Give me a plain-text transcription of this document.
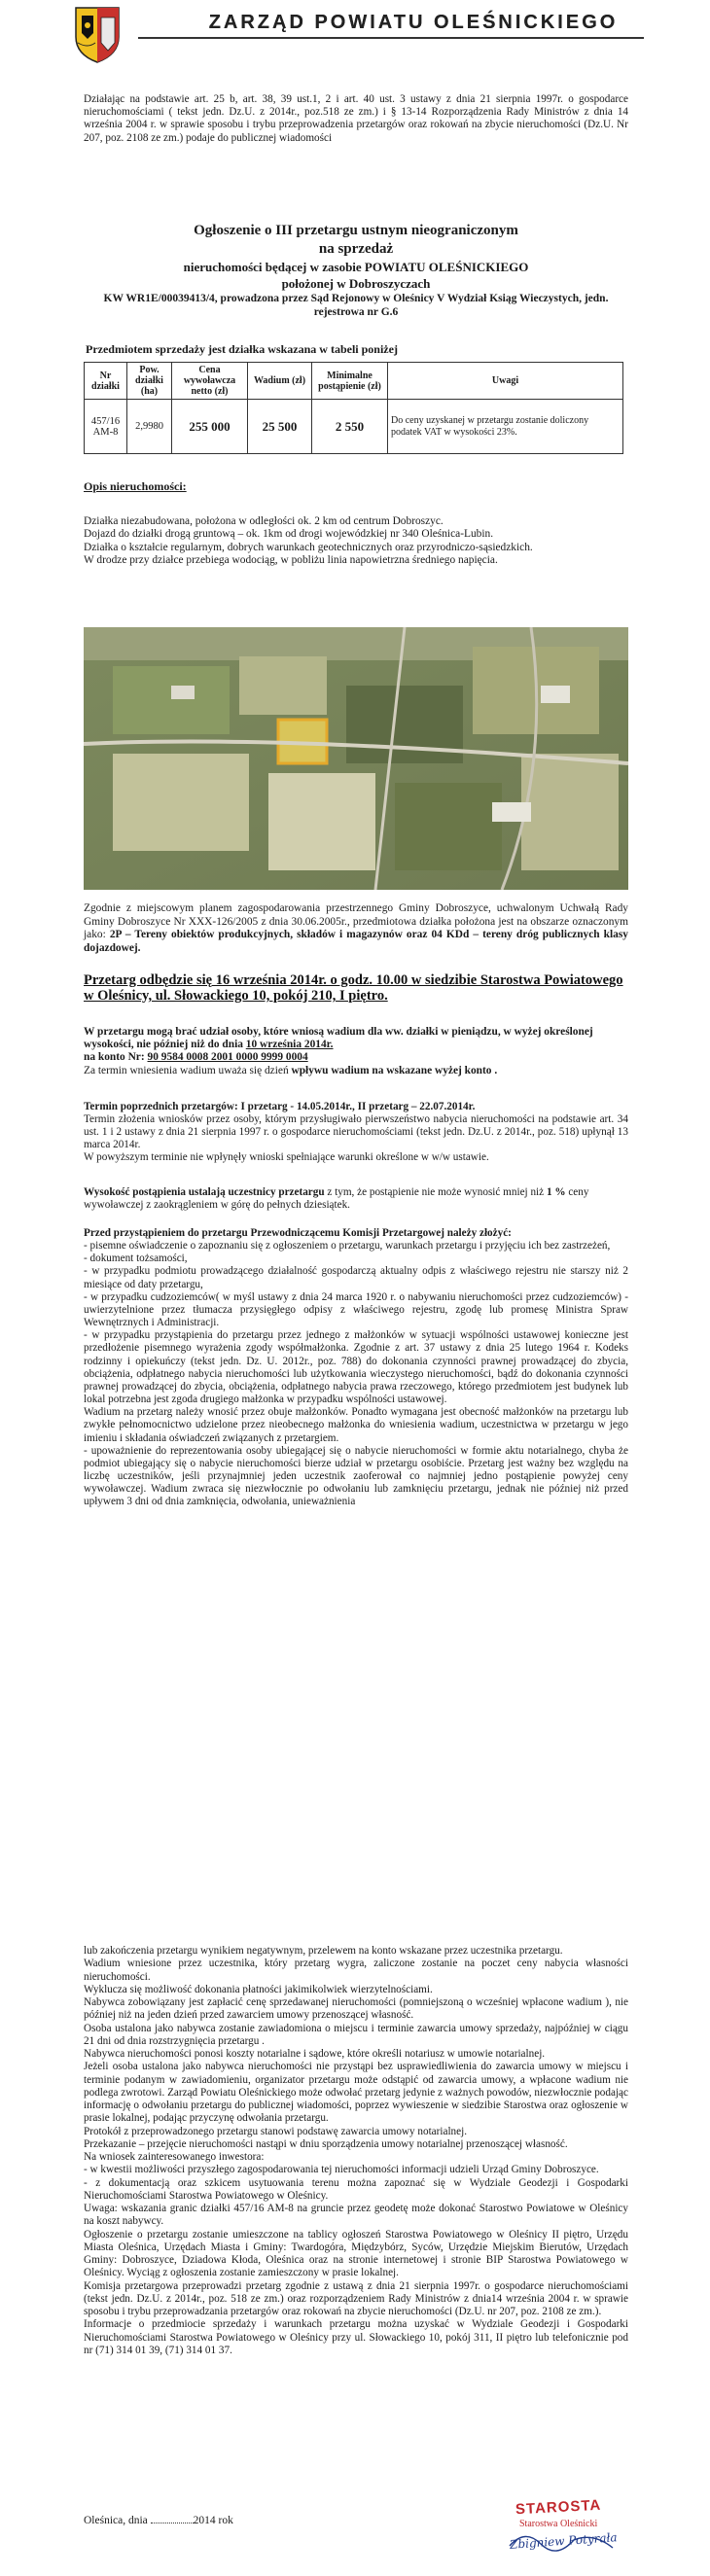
ZARZĄD POWIATU OLEŚNICKIEGO
Działając na podstawie art. 25 b, art. 38, 39 ust.1, 2 i art. 40 ust. 3 ustawy z dnia 21 sierpnia 1997r. o gospodarce nieruchomościami ( tekst jedn. Dz.U. z 2014r., poz.518 ze zm.) i § 13-14 Rozporządzenia Rady Ministrów z dnia 14 września 2004 r. w sprawie sposobu i trybu przeprowadzenia przetargów oraz rokowań na zbycie nieruchomości (Dz.U. Nr 207, poz. 2108 ze zm.) podaje do publicznej wiadomości
Ogłoszenie o III przetargu ustnym nieograniczonym
na sprzedaż
nieruchomości będącej w zasobie POWIATU OLEŚNICKIEGO
położonej w Dobroszyczach
KW WR1E/00039413/4, prowadzona przez Sąd Rejonowy w Oleśnicy V Wydział Ksiąg Wieczystych, jedn. rejestrowa nr G.6
Przedmiotem sprzedaży jest działka wskazana w tabeli poniżej
Nr działki	Pow. działki (ha)	Cena wywoławcza netto (zł)	Wadium (zł)	Minimalne postąpienie (zł)	Uwagi
457/16 AM-8	2,9980	255 000	25 500	2 550	Do ceny uzyskanej w przetargu zostanie doliczony podatek VAT w wysokości 23%.
Opis nieruchomości:
Działka niezabudowana, położona w odległości ok. 2 km od centrum Dobroszyc.
Dojazd do działki drogą gruntową – ok. 1km od drogi wojewódzkiej nr 340 Oleśnica-Lubin.
Działka o kształcie regularnym, dobrych warunkach geotechnicznych oraz przyrodniczo-sąsiedzkich.
W drodze przy działce przebiega wodociąg, w pobliżu linia napowietrzna średniego napięcia.
Zgodnie z miejscowym planem zagospodarowania przestrzennego Gminy Dobroszyce, uchwalonym Uchwałą Rady Gminy Dobroszyce Nr XXX-126/2005 z dnia 30.06.2005r., przedmiotowa działka położona jest na obszarze oznaczonym jako: 2P – Tereny obiektów produkcyjnych, składów i magazynów oraz 04 KDd – tereny dróg publicznych klasy dojazdowej.
Przetarg odbędzie się 16 września 2014r. o godz. 10.00 w siedzibie Starostwa Powiatowego w Oleśnicy, ul. Słowackiego 10, pokój 210, I piętro.
W przetargu mogą brać udział osoby, które wniosą wadium dla ww. działki w pieniądzu, w wyżej określonej wysokości, nie później niż do dnia 10 września 2014r.
na konto Nr: 90 9584 0008 2001 0000 9999 0004
Za termin wniesienia wadium uważa się dzień wpływu wadium na wskazane wyżej konto .
Termin poprzednich przetargów: I przetarg - 14.05.2014r., II przetarg – 22.07.2014r.
Termin złożenia wniosków przez osoby, którym przysługiwało pierwszeństwo nabycia nieruchomości na podstawie art. 34 ust. 1 i 2 ustawy z dnia 21 sierpnia 1997 r. o gospodarce nieruchomościami (tekst jedn. Dz.U. z 2014r., poz. 518) upłynął 13 marca 2014r.
W powyższym terminie nie wpłynęły wnioski spełniające warunki określone w w/w ustawie.
Wysokość postąpienia ustalają uczestnicy przetargu z tym, że postąpienie nie może wynosić mniej niż 1 % ceny wywoławczej z zaokrągleniem w górę do pełnych dziesiątek.
Przed przystąpieniem do przetargu Przewodniczącemu Komisji Przetargowej należy złożyć:
- pisemne oświadczenie o zapoznaniu się z ogłoszeniem o przetargu, warunkach przetargu i przyjęciu ich bez zastrzeżeń,
- dokument tożsamości,
- w przypadku podmiotu prowadzącego działalność gospodarczą aktualny odpis z właściwego rejestru nie starszy niż 2 miesiące od daty przetargu,
- w przypadku cudzoziemców( w myśl ustawy z dnia 24 marca 1920 r. o nabywaniu nieruchomości przez cudzoziemców) - uwierzytelnione przez tłumacza przysięgłego odpisy z właściwego rejestru, zgodę lub promesę Ministra Spraw Wewnętrznych i Administracji.
- w przypadku przystąpienia do przetargu przez jednego z małżonków w sytuacji wspólności ustawowej konieczne jest przedłożenie pisemnego wyrażenia zgody współmałżonka. Zgodnie z art. 37 ustawy z dnia 25 lutego 1964 r. Kodeks rodzinny i opiekuńczy (tekst jedn. Dz. U. 2012r., poz. 788) do dokonania czynności prawnej prowadzącej do zbycia, obciążenia, odpłatnego nabycia nieruchomości lub użytkowania wieczystego nieruchomości, bądź do dokonania czynności prawnej prowadzącej do zbycia, obciążenia, odpłatnego nabycia prawa rzeczowego, którego przedmiotem jest budynek lub lokal potrzebna jest zgoda drugiego małżonka w przypadku wspólności ustawowej.
Wadium na przetarg należy wnosić przez obuje małżonków. Ponadto wymagana jest obecność małżonków na przetargu lub zwykłe pełnomocnictwo udzielone przez nieobecnego małżonka do wniesienia wadium, uczestnictwa w przetargu w jego imieniu i składania oświadczeń związanych z przetargiem.
- upoważnienie do reprezentowania osoby ubiegającej się o nabycie nieruchomości w formie aktu notarialnego, chyba że podmiot ubiegający się o nabycie nieruchomości bierze udział w przetargu osobiście. Przetarg jest ważny bez względu na liczbę uczestników, jeśli przynajmniej jeden uczestnik zaoferował co najmniej jedno postąpienie powyżej ceny wywoławczej. Wadium zwraca się niezwłocznie po odwołaniu lub zamknięciu przetargu, jednak nie później niż przed upływem 3 dni od dnia zamknięcia, odwołania, unieważnienia
lub zakończenia przetargu wynikiem negatywnym, przelewem na konto wskazane przez uczestnika przetargu.
Wadium wniesione przez uczestnika, który przetarg wygra, zaliczone zostanie na poczet ceny nabycia własności nieruchomości.
Wyklucza się możliwość dokonania płatności jakimikolwiek wierzytelnościami.
Nabywca zobowiązany jest zapłacić cenę sprzedawanej nieruchomości (pomniejszoną o wcześniej wpłacone wadium ), nie później niż na jeden dzień przed zawarciem umowy przenoszącej własność.
Osoba ustalona jako nabywca zostanie zawiadomiona o miejscu i terminie zawarcia umowy sprzedaży, najpóźniej w ciągu 21 dni od dnia rozstrzygnięcia przetargu .
Nabywca nieruchomości ponosi koszty notarialne i sądowe, które określi notariusz w umowie notarialnej.
Jeżeli osoba ustalona jako nabywca nieruchomości nie przystąpi bez usprawiedliwienia do zawarcia umowy w miejscu i terminie podanym w zawiadomieniu, organizator przetargu może odstąpić od zawarcia umowy, a wpłacone wadium nie podlega zwrotowi. Zarząd Powiatu Oleśnickiego może odwołać przetarg jedynie z ważnych powodów, niezwłocznie podając informację o odwołaniu przetargu do publicznej wiadomości, poprzez wywieszenie w siedzibie Starostwa oraz ogłoszenie w prasie lokalnej, podając przyczynę odwołania przetargu.
Protokół z przeprowadzonego przetargu stanowi podstawę zawarcia umowy notarialnej.
Przekazanie – przejęcie nieruchomości nastąpi w dniu sporządzenia umowy notarialnej przenoszącej własność.
Na wniosek zainteresowanego inwestora:
- w kwestii możliwości przyszłego zagospodarowania tej nieruchomości informacji udzieli Urząd Gminy Dobroszyce.
- z dokumentacją oraz szkicem usytuowania terenu można zapoznać się w Wydziale Geodezji i Gospodarki Nieruchomościami Starostwa Powiatowego w Oleśnicy.
Uwaga: wskazania granic działki 457/16 AM-8 na gruncie przez geodetę może dokonać Starostwo Powiatowe w Oleśnicy na koszt nabywcy.
Ogłoszenie o przetargu zostanie umieszczone na tablicy ogłoszeń Starostwa Powiatowego w Oleśnicy II piętro, Urzędu Miasta Oleśnica, Urzędach Miasta i Gminy: Twardogóra, Międzybórz, Syców, Urzędzie Miejskim Bierutów, Urzędach Gminy: Dobroszyce, Dziadowa Kłoda, Oleśnica oraz na stronie internetowej i stronie BIP Starostwa Powiatowego w Oleśnicy. Wyciąg z ogłoszenia zostanie zamieszczony w prasie lokalnej.
Komisja przetargowa przeprowadzi przetarg zgodnie z ustawą z dnia 21 sierpnia 1997r. o gospodarce nieruchomościami (tekst jedn. Dz.U. z 2014r., poz. 518 ze zm.) oraz rozporządzeniem Rady Ministrów z dnia14 września 2004 r. w sprawie sposobu i trybu przeprowadzania przetargów oraz rokowań na zbycie nieruchomości (Dz.U. nr 207, poz. 2108 ze zm.).
Informacje o przedmiocie sprzedaży i warunkach przetargu można uzyskać w Wydziale Geodezji i Gospodarki Nieruchomościami Starostwa Powiatowego w Oleśnicy przy ul. Słowackiego 10, pokój 311, II piętro lub telefonicznie pod nr (71) 314 01 39, (71) 314 01 37.
Oleśnica, dnia	2014 rok
STAROSTA
Starostwa Oleśnicki
Zbigniew Potyrała
